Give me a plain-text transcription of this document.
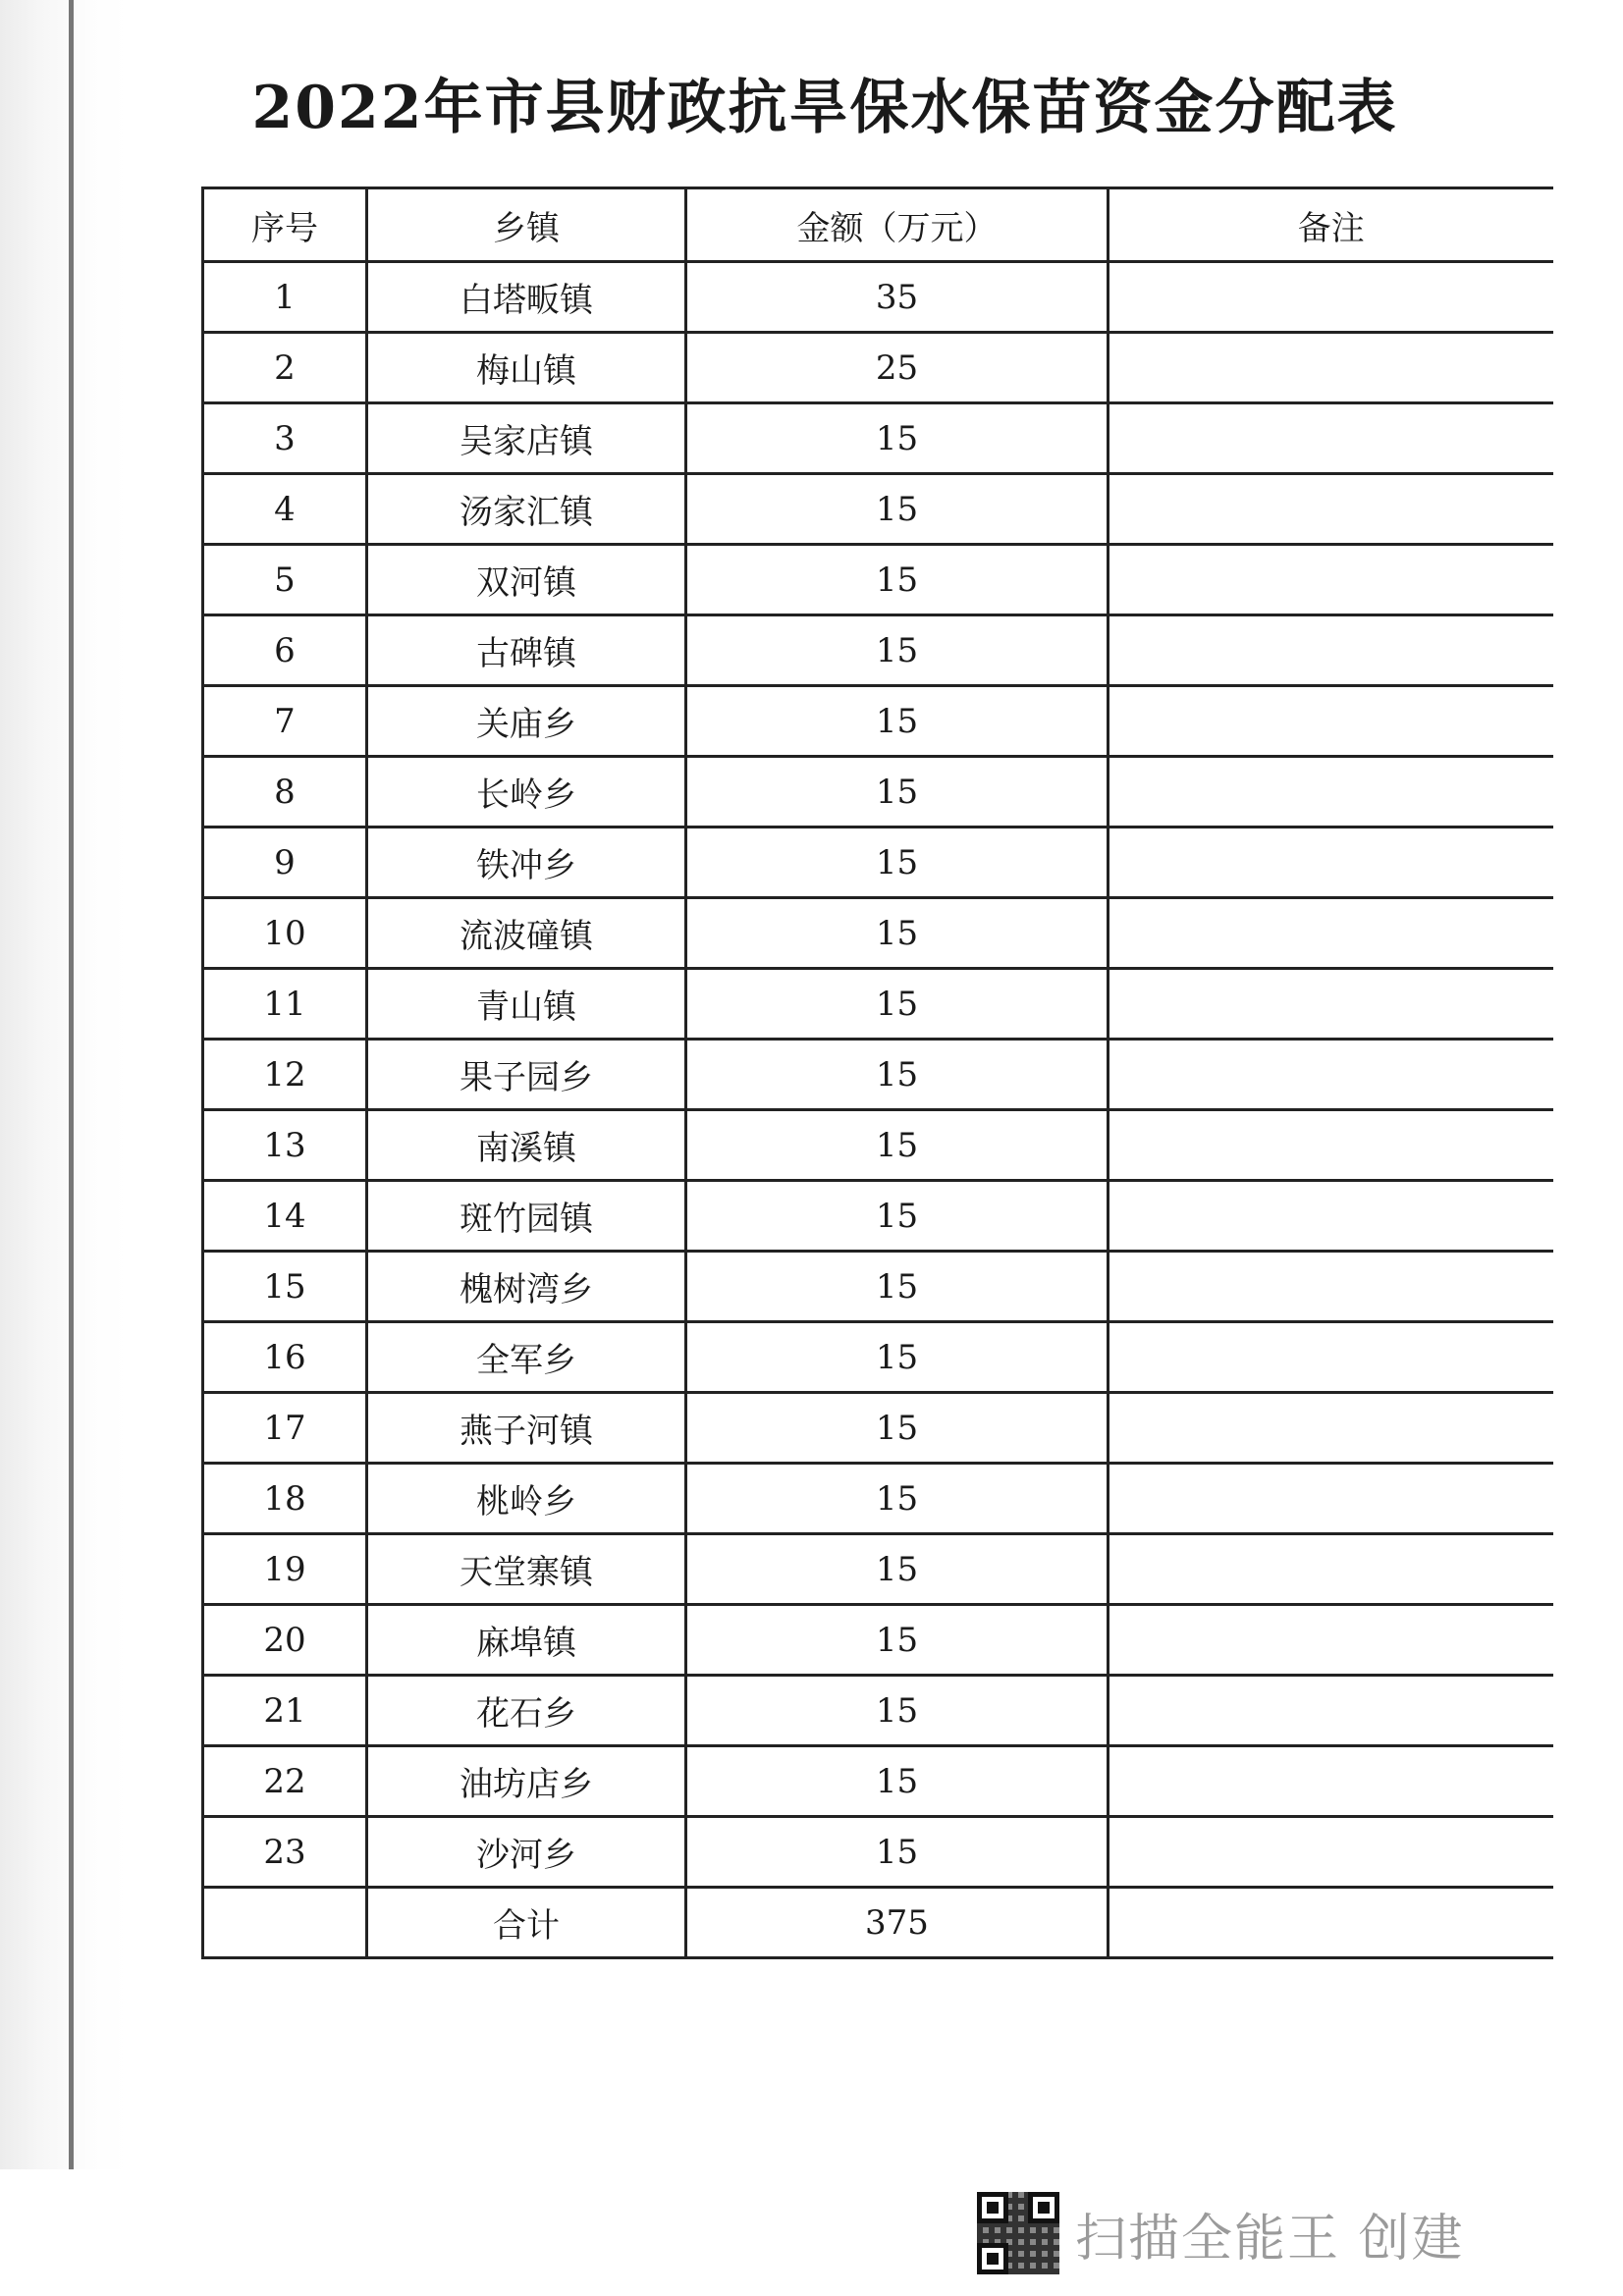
2022年市县财政抗旱保水保苗资金分配表
序号	乡镇	金额（万元）	备注
1	白塔畈镇	35	
2	梅山镇	25	
3	吴家店镇	15	
4	汤家汇镇	15	
5	双河镇	15	
6	古碑镇	15	
7	关庙乡	15	
8	长岭乡	15	
9	铁冲乡	15	
10	流波䃥镇	15	
11	青山镇	15	
12	果子园乡	15	
13	南溪镇	15	
14	斑竹园镇	15	
15	槐树湾乡	15	
16	全军乡	15	
17	燕子河镇	15	
18	桃岭乡	15	
19	天堂寨镇	15	
20	麻埠镇	15	
21	花石乡	15	
22	油坊店乡	15	
23	沙河乡	15	
	合计	375	
扫描全能王 创建
